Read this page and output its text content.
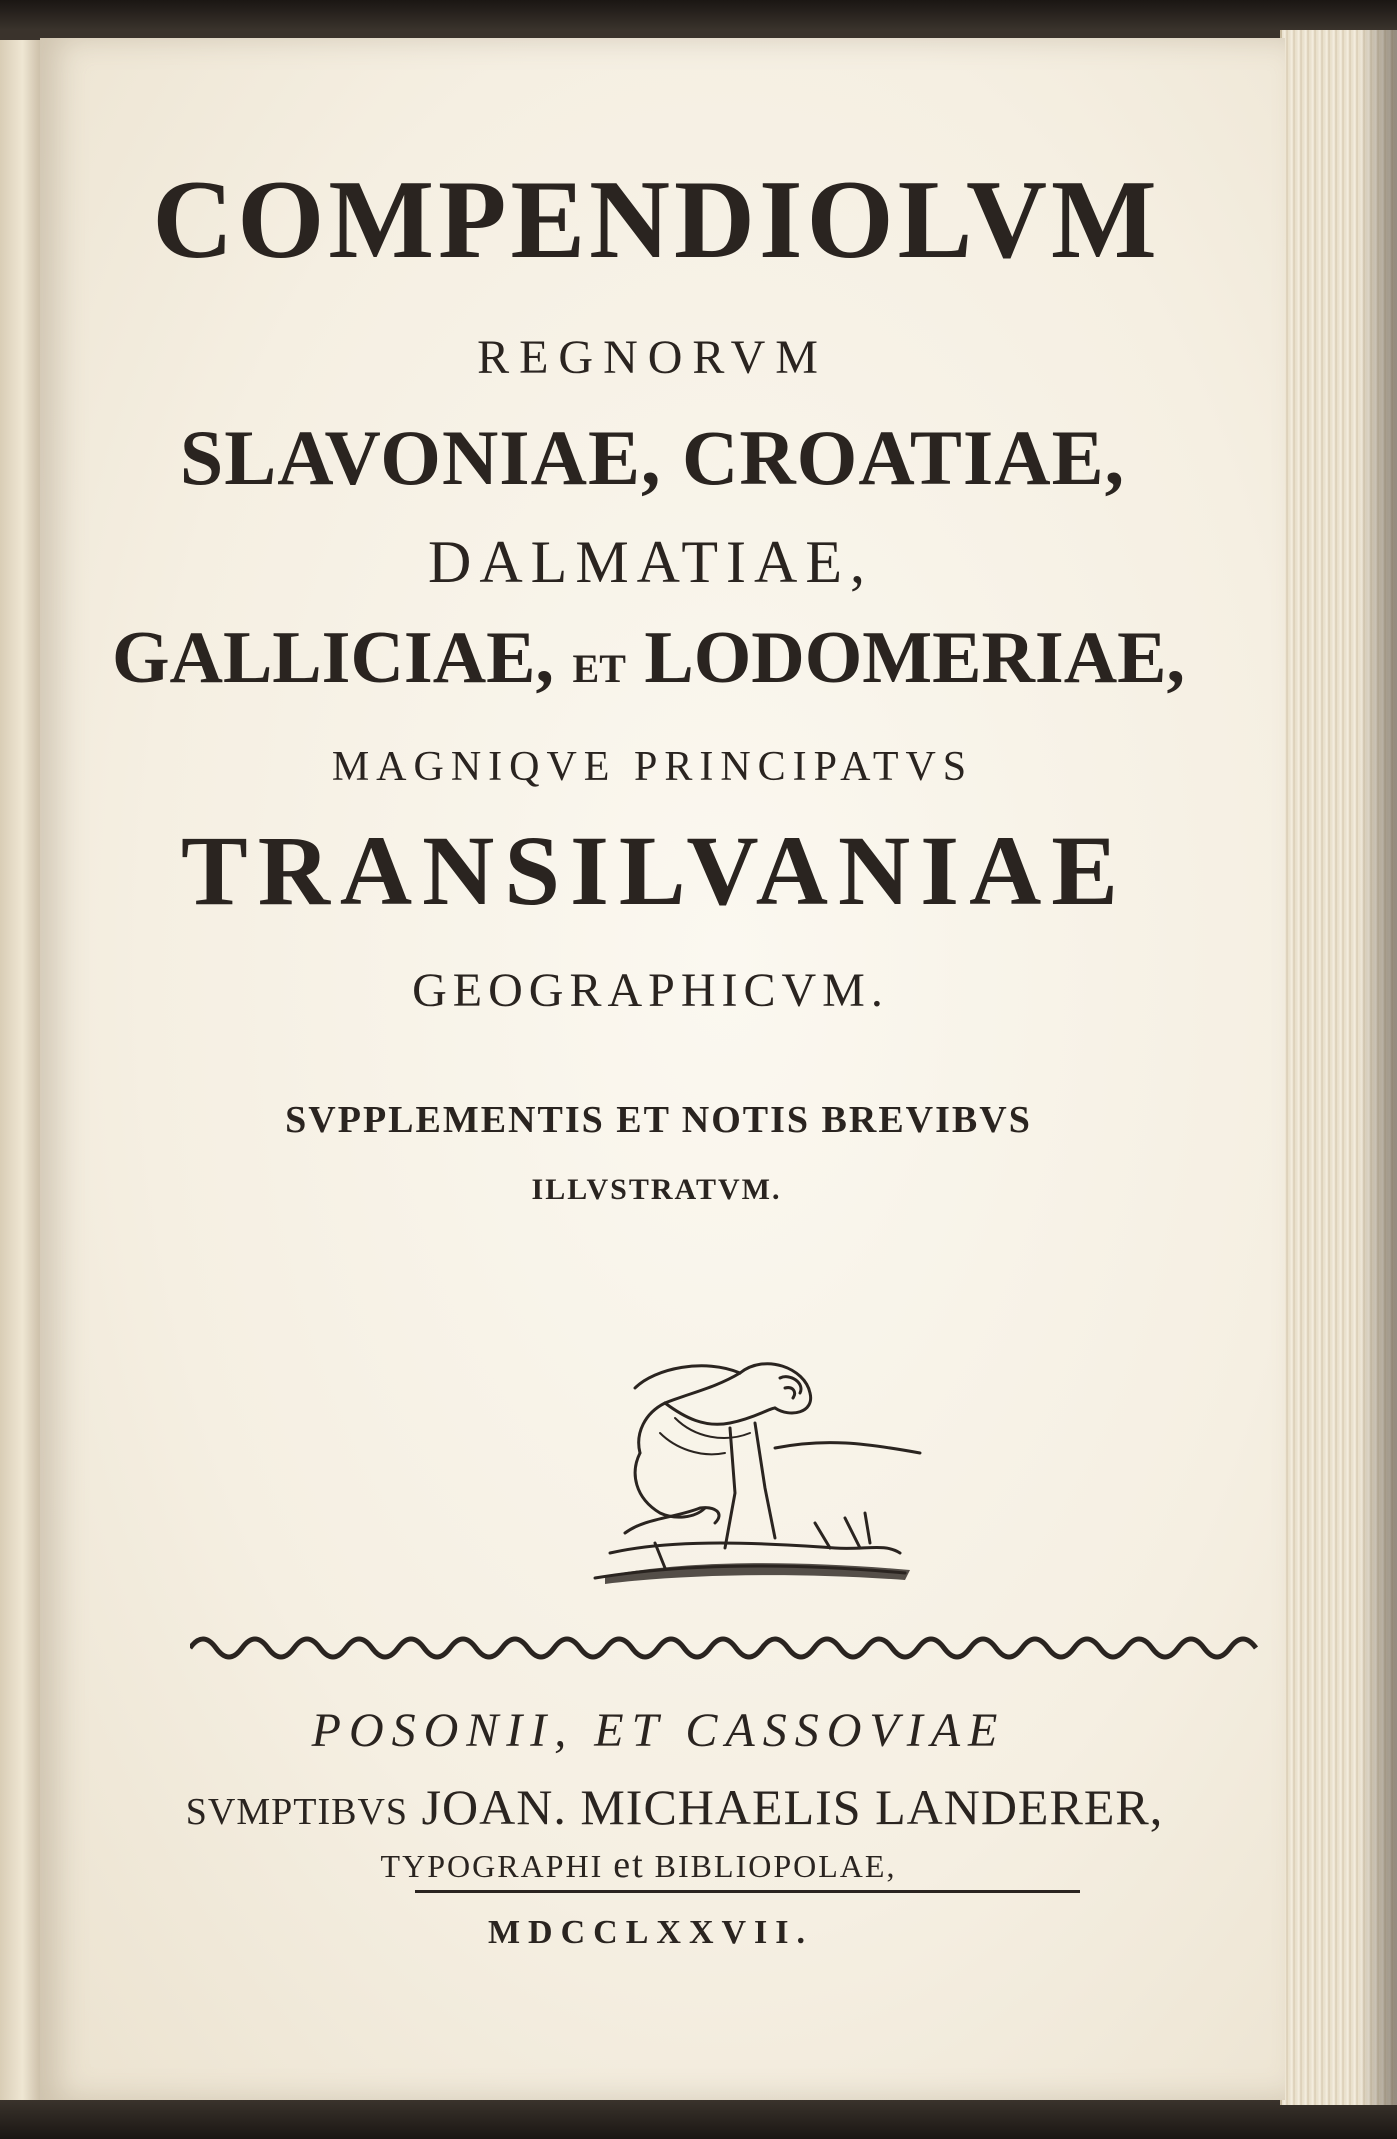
COMPENDIOLVM
REGNORVM
SLAVONIAE, CROATIAE,
DALMATIAE,
GALLICIAE, ET LODOMERIAE,
MAGNIQVE PRINCIPATVS
TRANSILVANIAE
GEOGRAPHICVM.
SVPPLEMENTIS ET NOTIS BREVIBVS
ILLVSTRATVM.
POSONII, ET CASSOVIAE
SVMPTIBVS JOAN. MICHAELIS LANDERER,
TYPOGRAPHI et BIBLIOPOLAE,
MDCCLXXVII.
